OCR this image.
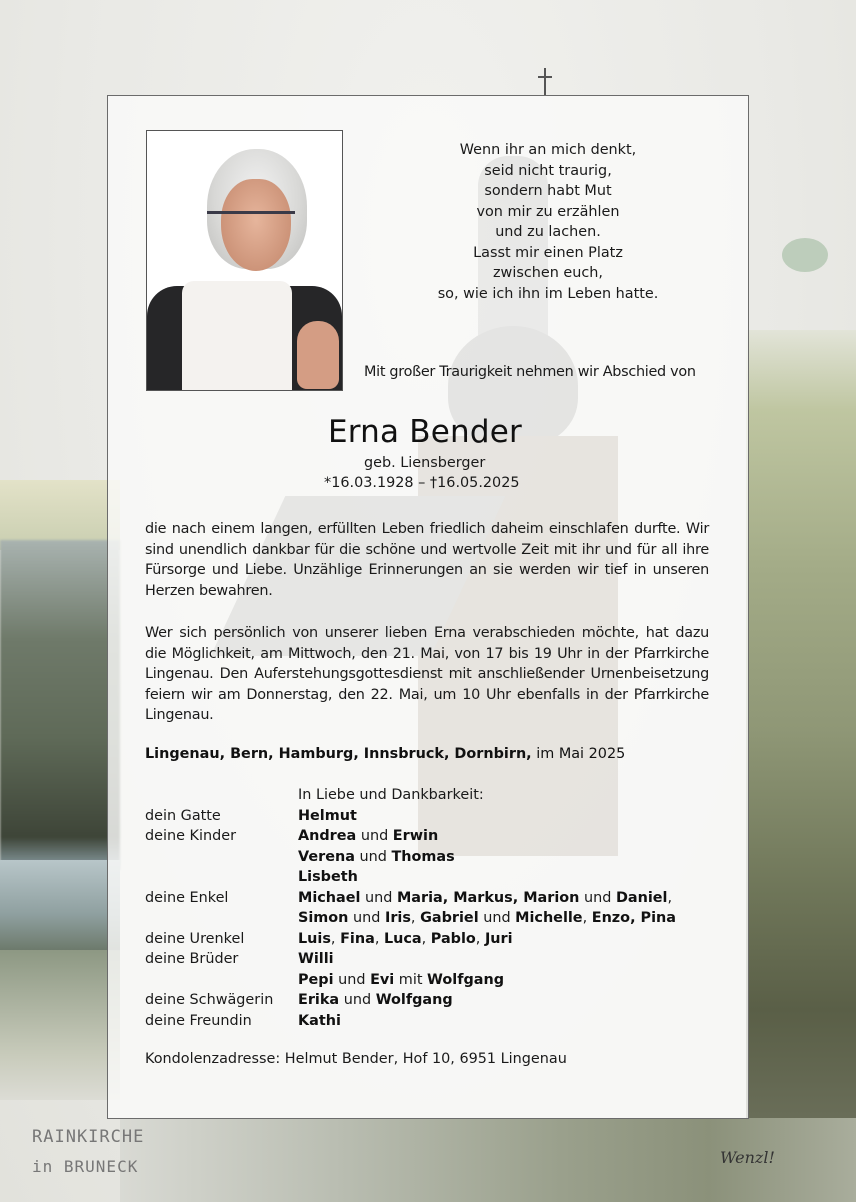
RAINKIRCHE
in BRUNECK	Wenzl!
Wenn ihr an mich denkt,
seid nicht traurig,
sondern habt Mut
von mir zu erzählen
und zu lachen.
Lasst mir einen Platz
zwischen euch,
so, wie ich ihn im Leben hatte.
Mit großer Traurigkeit nehmen wir Abschied von
Erna Bender
geb. Liensberger
*16.03.1928 – †16.05.2025
die nach einem langen, erfüllten Leben friedlich daheim einschlafen durfte. Wir sind unendlich dankbar für die schöne und wertvolle Zeit mit ihr und für all ihre Fürsorge und Liebe. Unzählige Erinnerungen an sie werden wir tief in unseren Herzen bewahren.
Wer sich persönlich von unserer lieben Erna verabschieden möchte, hat dazu die Möglichkeit, am Mittwoch, den 21. Mai, von 17 bis 19 Uhr in der Pfarrkirche Lingenau. Den Auferstehungsgottesdienst mit anschließender Urnenbeisetzung feiern wir am Donnerstag, den 22. Mai, um 10 Uhr ebenfalls in der Pfarrkirche Lingenau.
Lingenau, Bern, Hamburg, Innsbruck, Dornbirn, im Mai 2025
In Liebe und Dankbarkeit:
dein Gatte	Helmut
deine Kinder	Andrea und Erwin
Verena und Thomas
Lisbeth
deine Enkel	Michael und Maria, Markus, Marion und Daniel,
Simon und Iris, Gabriel und Michelle, Enzo, Pina
deine Urenkel	Luis, Fina, Luca, Pablo, Juri
deine Brüder	Willi
Pepi und Evi mit Wolfgang
deine Schwägerin	Erika und Wolfgang
deine Freundin	Kathi
Kondolenzadresse: Helmut Bender, Hof 10, 6951 Lingenau
